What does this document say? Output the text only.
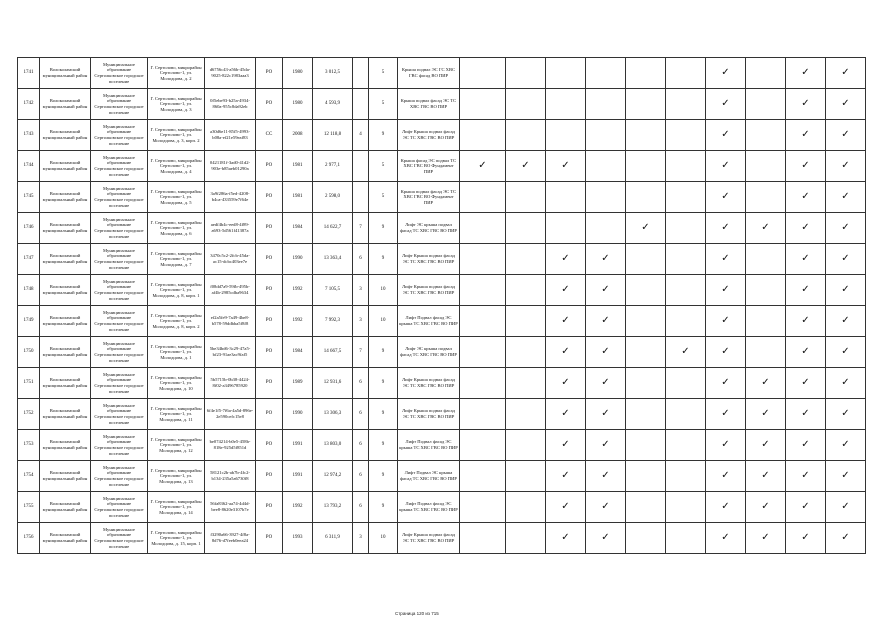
1741	Волоколамский муниципальный район	Муниципальное образование Сертолковское городское поселение	Г. Сертолово, микрорайон Сертолово-1, ул. Молодцова, д. 2	d6756c43-a56b-45da-9025-822c1983aaa3	РО	1980	3 012,5		5	Крыша подвал ЭС ГС ХВС ГВС фасад ВО ПИР							✓		✓	✓
1742	Волоколамский муниципальный район	Муниципальное образование Сертолковское городское поселение	Г. Сертолово, микрорайон Сертолово-1, ул. Молодцова, д. 3	0f5ebe93-b25a-4934-860a-955c8da92eb	РО	1980	4 593,9		5	Крыша подвал фасад ЭС ТС ХВС ГВС ВО ПИР							✓		✓	✓
1743	Волоколамский муниципальный район	Муниципальное образование Сертолковское городское поселение	Г. Сертолово, микрорайон Сертолово-1, ул. Молодцова, д. 3, корп. 2	a30d6e11-85f5-4993-b08a-ef21e59eaf83	СС	2008	12 118,8	4	9	Лифт Крыша подвал фасад ЭС ТС ХВС ГВС ВО ПИР							✓		✓	✓
1744	Волоколамский муниципальный район	Муниципальное образование Сертолковское городское поселение	Г. Сертолово, микрорайон Сертолово-1, ул. Молодцова, д. 4	0421181f-3ad0-41d2-903e-b85aeb01290a	РО	1981	2 977,1		5	Крыша фасад ЭС подвал ТС ХВС ГВС ВО Фундамент ПИР	✓	✓	✓				✓		✓	✓
1745	Волоколамский муниципальный район	Муниципальное образование Сертолковское городское поселение	Г. Сертолово, микрорайон Сертолово-1, ул. Молодцова, д. 5	3a9f286a-f5ed-4208-b4ca-433559e7f64e	РО	1981	2 598,0		5	Крыша подвал фасад ЭС ТС ХВС ГВС ВО Фундамент ПИР							✓		✓	✓
1746	Волоколамский муниципальный район	Муниципальное образование Сертолковское городское поселение	Г. Сертолово, микрорайон Сертолово-1, ул. Молодцова, д. 6	aedf4b4c-eed8-4f89-a693-5d561f41387a	РО	1984	14 622,7	7	9	Лифт ЭС крыша подвал фасад ТС ХВС ГВС ВО ПИР					✓		✓	✓	✓	✓
1747	Волоколамский муниципальный район	Муниципальное образование Сертолковское городское поселение	Г. Сертолово, микрорайон Сертолово-1, ул. Молодцова, д. 7	3470c5c2-2fcb-45da-ac15-dcbc403ee7e	РО	1990	13 363,4	6	9	Лифт Крыша подвал фасад ЭС ТС ХВС ГВС ВО ПИР			✓	✓			✓		✓	✓
1748	Волоколамский муниципальный район	Муниципальное образование Сертолковское городское поселение	Г. Сертолово, микрорайон Сертолово-1, ул. Молодцова, д. 8, корп. 1	f08dd7a9-59fb-495b-af4b-2985cdba9634	РО	1992	7 105,5	3	10	Лифт Крыша подвал фасад ЭС ТС ХВС ГВС ВО ПИР			✓	✓			✓		✓	✓
1749	Волоколамский муниципальный район	Муниципальное образование Сертолковское городское поселение	Г. Сертолово, микрорайон Сертолово-1, ул. Молодцова, д. 8, корп. 2	ef2a5fe9-7a49-4be8-b578-59ddbba5f8f8	РО	1992	7 992,3	3	10	Лифт Подвал фасад ЭС крыша ТС ХВС ГВС ВО ПИР			✓	✓			✓		✓	✓
1750	Волоколамский муниципальный район	Муниципальное образование Сертолковское городское поселение	Г. Сертолово, микрорайон Сертолово-1, ул. Молодцова, д. 1	5be34bd6-3c29-47a5-bf23-91ae3ac9faf5	РО	1984	14 667,5	7	9	Лифт ЭС крыша подвал фасад ТС ХВС ГВС ВО ПИР			✓	✓		✓	✓		✓	✓
1751	Волоколамский муниципальный район	Муниципальное образование Сертолковское городское поселение	Г. Сертолово, микрорайон Сертолово-1, ул. Молодцова, д. 10	5b5715b-0b38-4424-8f02-a3496785920	РО	1989	12 931,6	6	9	Лифт Крыша подвал фасад ЭС ТС ХВС ГВС ВО ПИР			✓	✓			✓	✓	✓	✓
1752	Волоколамский муниципальный район	Муниципальное образование Сертолковское городское поселение	Г. Сертолово, микрорайон Сертолово-1, ул. Молодцова, д. 11	6f4e1f5-7f6a-4a5d-896e-2e590cefc15e8	РО	1990	13 306,3	6	9	Лифт Крыша подвал фасад ЭС ТС ХВС ГВС ВО ПИР			✓	✓			✓	✓	✓	✓
1753	Волоколамский муниципальный район	Муниципальное образование Сертолковское городское поселение	Г. Сертолово, микрорайон Сертолово-1, ул. Молодцова, д. 12	be074214-b0e5-458b-818e-925d5f851d	РО	1991	13 803,0	6	9	Лифт Подвал фасад ЭС крыша ТС ХВС ГВС ВО ПИР			✓	✓			✓	✓	✓	✓
1754	Волоколамский муниципальный район	Муниципальное образование Сертолковское городское поселение	Г. Сертолово, микрорайон Сертолово-1, ул. Молодцова, д. 13	58121c2b-ab7b-4fc2-b134-235a5a6730f8	РО	1991	12 974,2	6	9	Лифт Подвал ЭС крыша фасад ТС ХВС ГВС ВО ПИР			✓	✓			✓	✓	✓	✓
1755	Волоколамский муниципальный район	Муниципальное образование Сертолковское городское поселение	Г. Сертолово, микрорайон Сертолово-1, ул. Молодцова, д. 14	56fa8362-aa74-4d4d-bee8-8620e3107b7e	РО	1992	13 793,2	6	9	Лифт Подвал фасад ЭС крыша ТС ХВС ГВС ВО ПИР			✓	✓			✓	✓	✓	✓
1756	Волоколамский муниципальный район	Муниципальное образование Сертолковское городское поселение	Г. Сертолово, микрорайон Сертолово-1, ул. Молодцова, д. 15, корп. 1	f3290a66-3927-4f8a-8d76-d7feeb0eea24	РО	1993	6 311,9	3	10	Лифт Крыша подвал фасад ЭС ТС ХВС ГВС ВО ПИР			✓	✓			✓	✓	✓	✓
Страница 120 из 715
